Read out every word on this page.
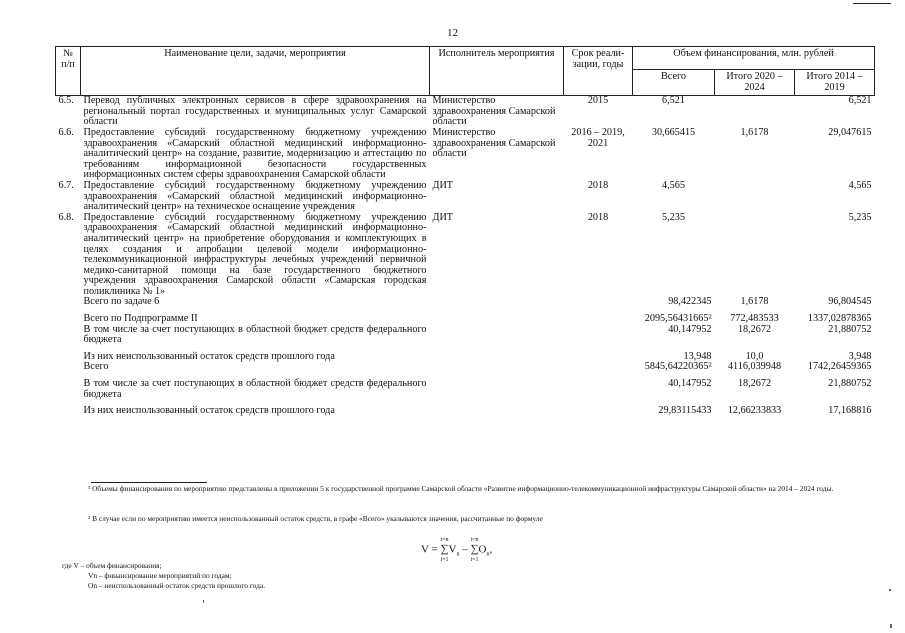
12
№ п/п	Наименование цели, задачи, мероприятия	Исполнитель мероприятия	Срок реали-зации, годы	Объем финансирования, млн. рублей		
				Всего	Итого 2020 – 2024	Итого 2014 – 2019
6.5.	Перевод публичных электронных сервисов в сфере здравоохранения на региональный портал государственных и муниципальных услуг Самарской области	Министерство здравоохранения Самарской области	2015	6,521		6,521
6.6.	Предоставление субсидий государственному бюджетному учреждению здравоохранения «Самарский областной медицинский информационно-аналитический центр» на создание, развитие, модернизацию и аттестацию по требованиям информационной безопасности государственных информационных систем сферы здравоохранения Самарской области	Министерство здравоохранения Самарской области	2016 – 2019, 2021	30,665415	1,6178	29,047615
6.7.	Предоставление субсидий государственному бюджетному учреждению здравоохранения «Самарский областной медицинский информационно-аналитический центр» на техническое оснащение учреждения	ДИТ	2018	4,565		4,565
6.8.	Предоставление субсидий государственному бюджетному учреждению здравоохранения «Самарский областной медицинский информационно-аналитический центр» на приобретение оборудования и комплектующих в целях создания и апробации целевой модели информационно-телекоммуникационной инфраструктуры лечебных учреждений первичной медико-санитарной помощи на базе государственного бюджетного учреждения здравоохранения Самарской области «Самарская городская поликлиника № 1»	ДИТ	2018	5,235		5,235
	Всего по задаче 6			98,422345	1,6178	96,804545
	Всего по Подпрограмме II			2095,56431665²	772,483533	1337,02878365
	В том числе за счет поступающих в областной бюджет средств федерального бюджета			40,147952	18,2672	21,880752
	Из них неиспользованный остаток средств прошлого года			13,948	10,0	3,948
	Всего			5845,64220365²	4116,039948	1742,26459365
	В том числе за счет поступающих в областной бюджет средств федерального бюджета			40,147952	18,2672	21,880752
	Из них неиспользованный остаток средств прошлого года			29,83115433	12,66233833	17,168816
¹ Объемы финансирования по мероприятию представлены в приложении 5 к государственной программе Самарской области «Развитие информационно-телекоммуникационной инфраструктуры Самарской области» на 2014 – 2024 годы.
² В случае если по мероприятию имеется неиспользованный остаток средств, в графе «Всего» указываются значения, рассчитанные по формуле
V = $^{i=n}$
∑
$_{i=1}V_n - ^{i=n}$
∑
$_{i=1}O_n$,
где V – объем финансирования;
Vn – финансирование мероприятий по годам;
On – неиспользованный остаток средств прошлого года.
